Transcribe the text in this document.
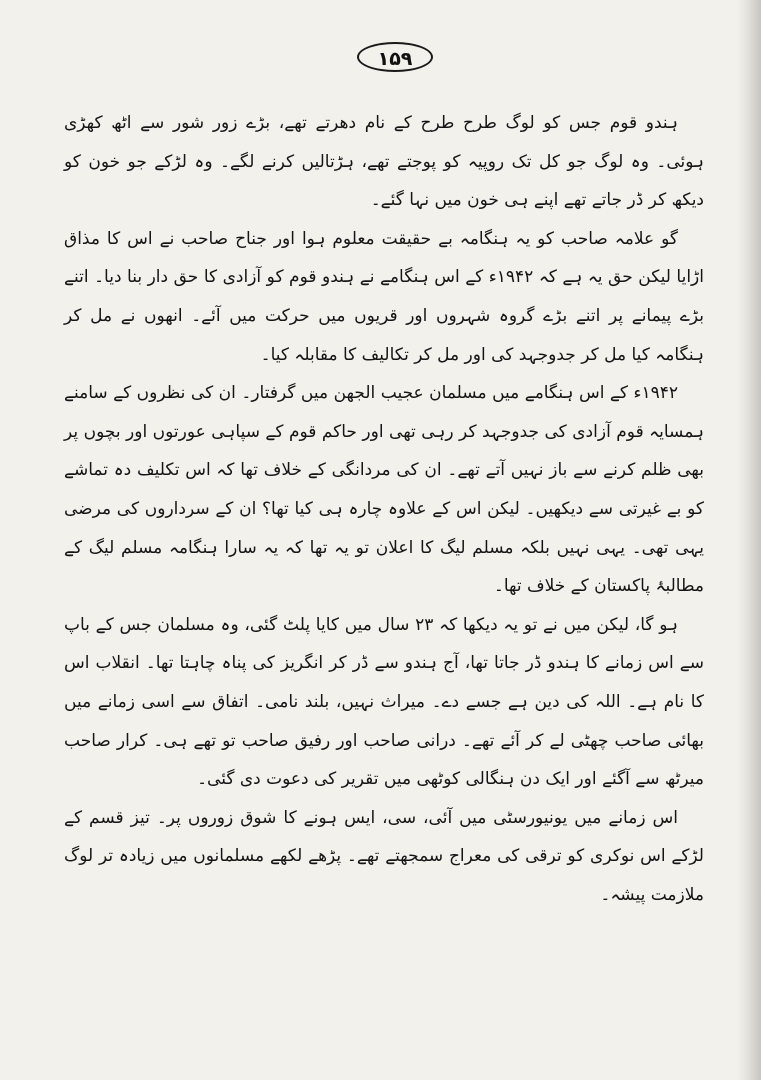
۱۵۹

ہندو قوم جس کو لوگ طرح طرح کے نام دھرتے تھے، بڑے زور شور سے اٹھ کھڑی ہوئی۔ وہ لوگ جو کل تک روپیہ کو پوجتے تھے، ہڑتالیں کرنے لگے۔ وہ لڑکے جو خون کو دیکھ کر ڈر جاتے تھے اپنے ہی خون میں نہا گئے۔

گو علامہ صاحب کو یہ ہنگامہ بے حقیقت معلوم ہوا اور جناح صاحب نے اس کا مذاق اڑایا لیکن حق یہ ہے کہ ۱۹۴۲ء کے اس ہنگامے نے ہندو قوم کو آزادی کا حق دار بنا دیا۔ اتنے بڑے پیمانے پر اتنے بڑے گروہ شہروں اور قریوں میں حرکت میں آئے۔ انھوں نے مل کر ہنگامہ کیا مل کر جدوجہد کی اور مل کر تکالیف کا مقابلہ کیا۔

۱۹۴۲ء کے اس ہنگامے میں مسلمان عجیب الجھن میں گرفتار۔ ان کی نظروں کے سامنے ہمسایہ قوم آزادی کی جدوجہد کر رہی تھی اور حاکم قوم کے سپاہی عورتوں اور بچوں پر بھی ظلم کرنے سے باز نہیں آتے تھے۔ ان کی مردانگی کے خلاف تھا کہ اس تکلیف دہ تماشے کو بے غیرتی سے دیکھیں۔ لیکن اس کے علاوہ چارہ ہی کیا تھا؟ ان کے سرداروں کی مرضی یہی تھی۔ یہی نہیں بلکہ مسلم لیگ کا اعلان تو یہ تھا کہ یہ سارا ہنگامہ مسلم لیگ کے مطالبۂ پاکستان کے خلاف تھا۔

ہو گا، لیکن میں نے تو یہ دیکھا کہ ۲۳ سال میں کایا پلٹ گئی، وہ مسلمان جس کے باپ سے اس زمانے کا ہندو ڈر جاتا تھا، آج ہندو سے ڈر کر انگریز کی پناہ چاہتا تھا۔ انقلاب اس کا نام ہے۔ اللہ کی دین ہے جسے دے۔ میراث نہیں، بلند نامی۔ اتفاق سے اسی زمانے میں بھائی صاحب چھٹی لے کر آئے تھے۔ درانی صاحب اور رفیق صاحب تو تھے ہی۔ کرار صاحب میرٹھ سے آگئے اور ایک دن ہنگالی کوٹھی میں تقریر کی دعوت دی گئی۔

اس زمانے میں یونیورسٹی میں آئی، سی، ایس ہونے کا شوق زوروں پر۔ تیز قسم کے لڑکے اس نوکری کو ترقی کی معراج سمجھتے تھے۔ پڑھے لکھے مسلمانوں میں زیادہ تر لوگ ملازمت پیشہ۔
